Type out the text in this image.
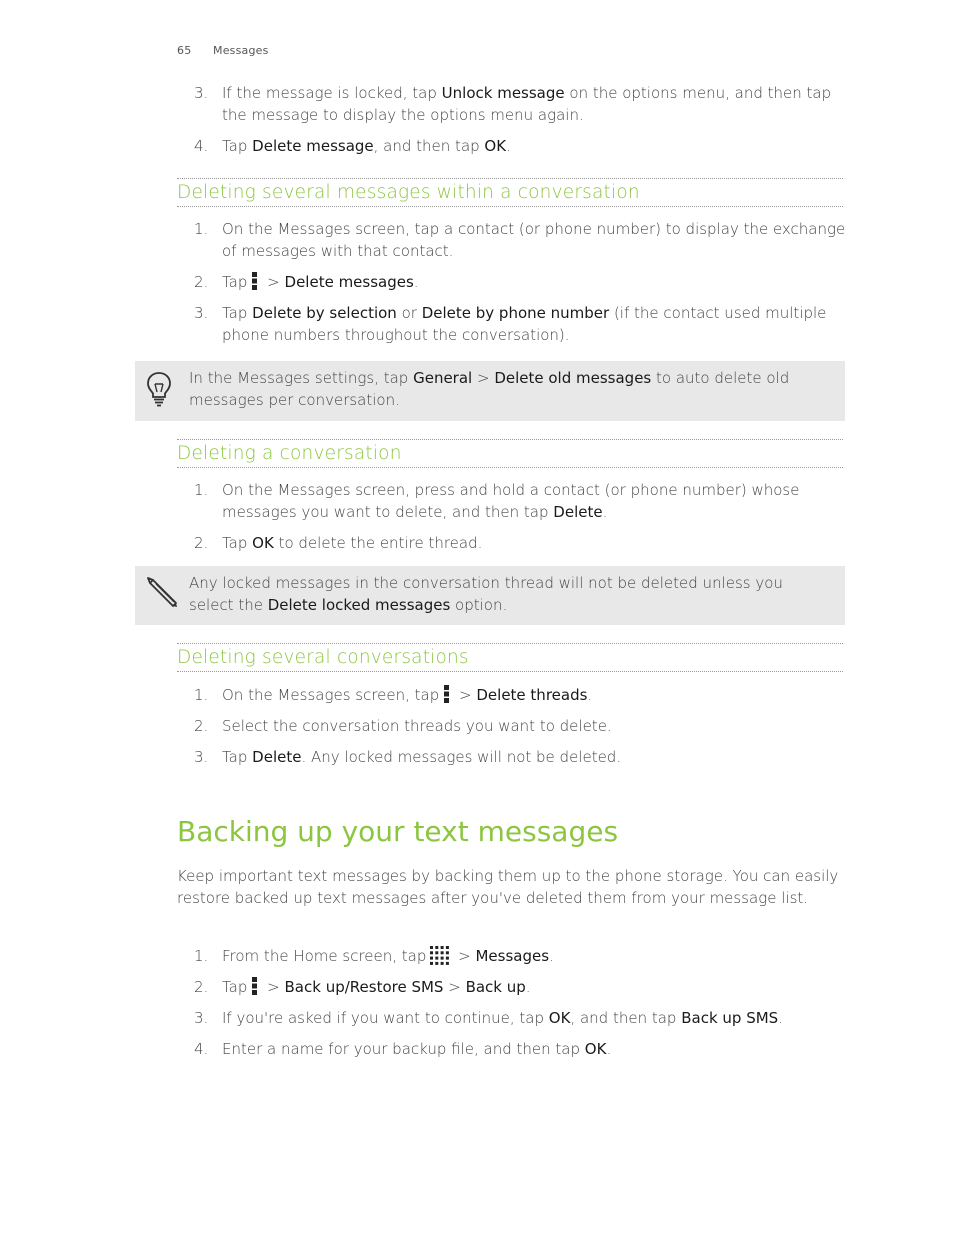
65 Messages
3. If the message is locked, tap Unlock message on the options menu, and then tap the message to display the options menu again.
4. Tap Delete message, and then tap OK.
Deleting several messages within a conversation
1. On the Messages screen, tap a contact (or phone number) to display the exchange of messages with that contact.
2. Tap > Delete messages.
3. Tap Delete by selection or Delete by phone number (if the contact used multiple phone numbers throughout the conversation).
In the Messages settings, tap General > Delete old messages to auto delete old messages per conversation.
Deleting a conversation
1. On the Messages screen, press and hold a contact (or phone number) whose messages you want to delete, and then tap Delete.
2. Tap OK to delete the entire thread.
Any locked messages in the conversation thread will not be deleted unless you select the Delete locked messages option.
Deleting several conversations
1. On the Messages screen, tap > Delete threads.
2. Select the conversation threads you want to delete.
3. Tap Delete. Any locked messages will not be deleted.
Backing up your text messages
Keep important text messages by backing them up to the phone storage. You can easily restore backed up text messages after you've deleted them from your message list.
1. From the Home screen, tap > Messages.
2. Tap > Back up/Restore SMS > Back up.
3. If you're asked if you want to continue, tap OK, and then tap Back up SMS.
4. Enter a name for your backup file, and then tap OK.
